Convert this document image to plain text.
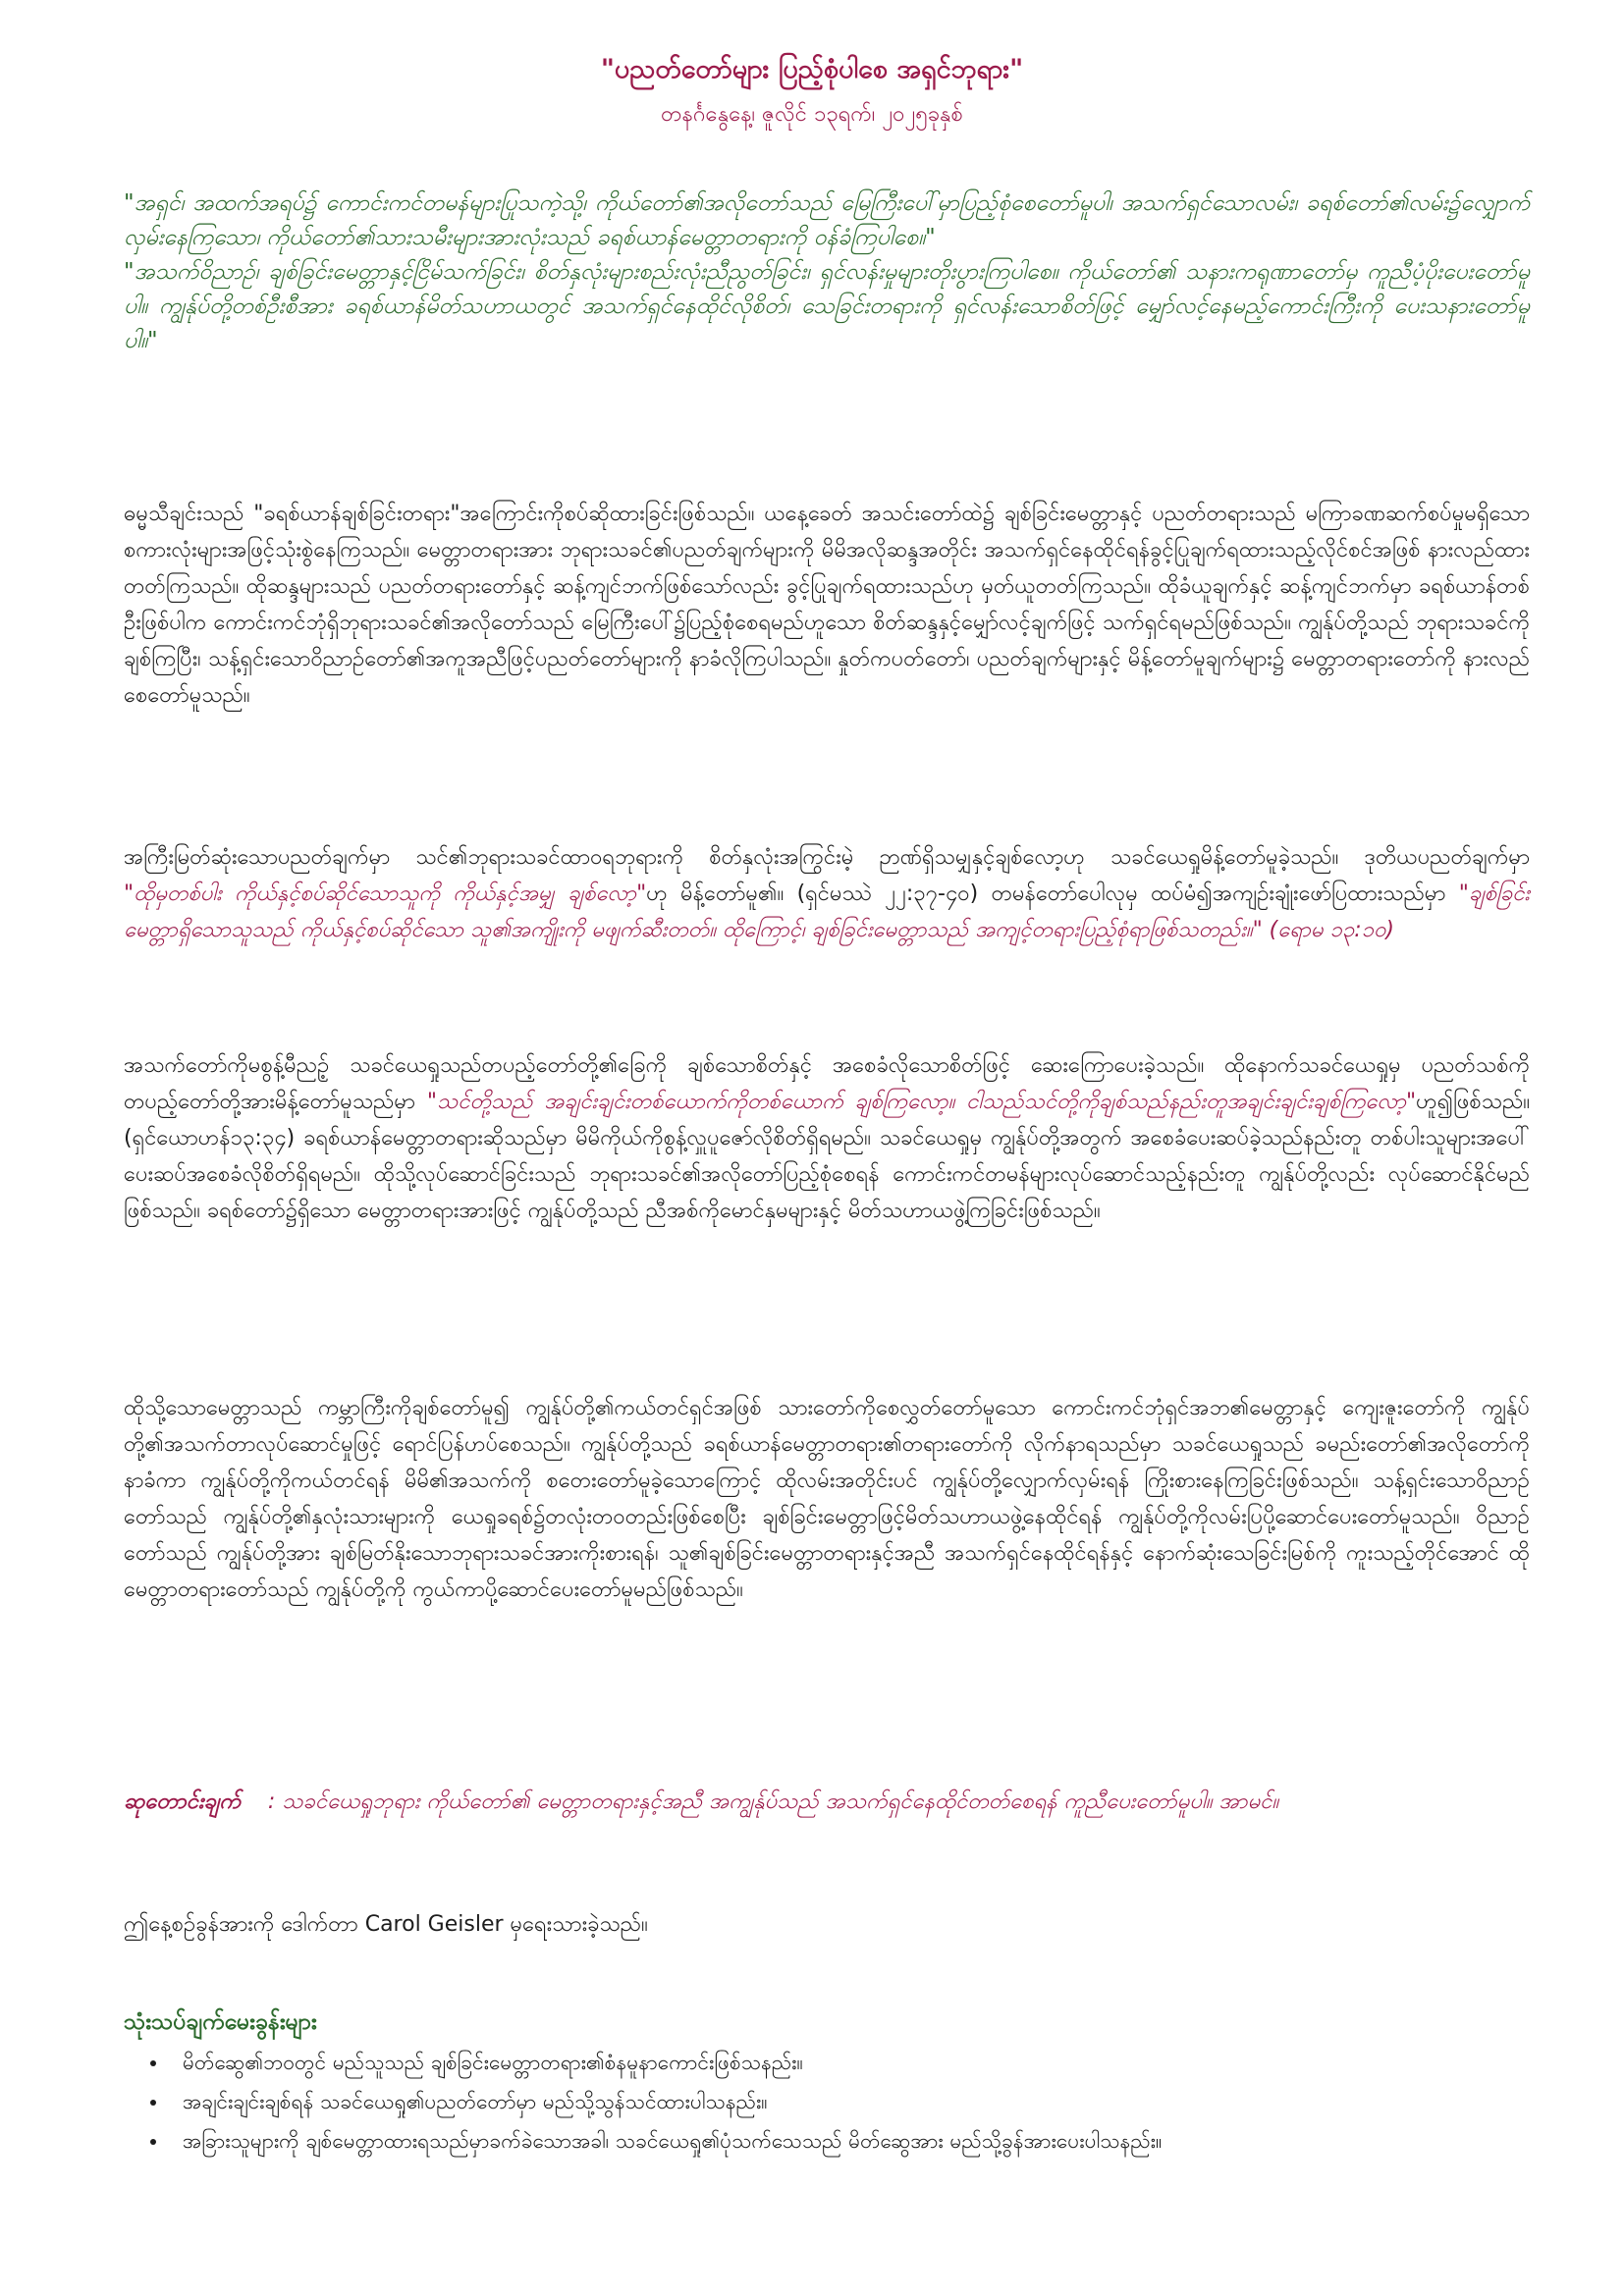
"ပညတ်တော်များ ပြည့်စုံပါစေ အရှင်ဘုရား"
တနင်္ဂနွေနေ့၊ ဇူလိုင် ၁၃ရက်၊ ၂၀၂၅ခုနှစ်

"အရှင်၊ အထက်အရပ်၌ ကောင်းကင်တမန်များပြုသကဲ့သို့၊ ကိုယ်တော်၏အလိုတော်သည် မြေကြီးပေါ်မှာပြည့်စုံစေတော်မူပါ၊ အသက်ရှင်သောလမ်း၊ ခရစ်တော်၏လမ်း၌လျှောက်လှမ်းနေကြသော၊ ကိုယ်တော်၏သားသမီးများအားလုံးသည် ခရစ်ယာန်မေတ္တာတရားကို ဝန်ခံကြပါစေ။"

"အသက်ဝိညာဉ်၊ ချစ်ခြင်းမေတ္တာနှင့်ငြိမ်သက်ခြင်း၊ စိတ်နှလုံးများစည်းလုံးညီညွတ်ခြင်း၊ ရှင်လန်းမှုများတိုးပွားကြပါစေ။ ကိုယ်တော်၏ သနားကရုဏာတော်မှ ကူညီပံ့ပိုးပေးတော်မူပါ။ ကျွန်ုပ်တို့တစ်ဦးစီအား ခရစ်ယာန်မိတ်သဟာယတွင် အသက်ရှင်နေထိုင်လိုစိတ်၊ သေခြင်းတရားကို ရှင်လန်းသောစိတ်ဖြင့် မျှော်လင့်နေမည့်ကောင်းကြီးကို ပေးသနားတော်မူပါ။"

ဓမ္မသီချင်းသည် "ခရစ်ယာန်ချစ်ခြင်းတရား"အကြောင်းကိုစပ်ဆိုထားခြင်းဖြစ်သည်။ ယနေ့ခေတ် အသင်းတော်ထဲ၌ ချစ်ခြင်းမေတ္တာနှင့် ပညတ်တရားသည် မကြာခဏဆက်စပ်မှုမရှိသောစကားလုံးများအဖြင့်သုံးစွဲနေကြသည်။ မေတ္တာတရားအား ဘုရားသခင်၏ပညတ်ချက်များကို မိမိအလိုဆန္ဒအတိုင်း အသက်ရှင်နေထိုင်ရန်ခွင့်ပြုချက်ရထားသည့်လိုင်စင်အဖြစ် နားလည်ထားတတ်ကြသည်။ ထိုဆန္ဒများသည် ပညတ်တရားတော်နှင့် ဆန့်ကျင်ဘက်ဖြစ်သော်လည်း ခွင့်ပြုချက်ရထားသည်ဟု မှတ်ယူတတ်ကြသည်။ ထိုခံယူချက်နှင့် ဆန့်ကျင်ဘက်မှာ ခရစ်ယာန်တစ်ဦးဖြစ်ပါက ကောင်းကင်ဘုံရှိဘုရားသခင်၏အလိုတော်သည် မြေကြီးပေါ်၌ပြည့်စုံစေရမည်ဟူသော စိတ်ဆန္ဒနှင့်မျှော်လင့်ချက်ဖြင့် သက်ရှင်ရမည်ဖြစ်သည်။ ကျွန်ုပ်တို့သည် ဘုရားသခင်ကိုချစ်ကြပြီး၊ သန့်ရှင်းသောဝိညာဉ်တော်၏အကူအညီဖြင့်ပညတ်တော်များကို နာခံလိုကြပါသည်။ နှုတ်ကပတ်တော်၊ ပညတ်ချက်များနှင့် မိန့်တော်မူချက်များ၌ မေတ္တာတရားတော်ကို နားလည်စေတော်မူသည်။

အကြီးမြတ်ဆုံးသောပညတ်ချက်မှာ သင်၏ဘုရားသခင်ထာဝရဘုရားကို စိတ်နှလုံးအကြွင်းမဲ့ ဉာဏ်ရှိသမျှနှင့်ချစ်လော့ဟု သခင်ယေရှုမိန့်တော်မူခဲ့သည်။ ဒုတိယပညတ်ချက်မှာ "ထိုမှတစ်ပါး ကိုယ်နှင့်စပ်ဆိုင်သောသူကို ကိုယ်နှင့်အမျှ ချစ်လော့"ဟု မိန့်တော်မူ၏။ (ရှင်မဿဲ ၂၂:၃၇-၄၀) တမန်တော်ပေါလုမှ ထပ်မံ၍အကျဉ်းချုံးဖော်ပြထားသည်မှာ "ချစ်ခြင်းမေတ္တာရှိသောသူသည် ကိုယ်နှင့်စပ်ဆိုင်သော သူ၏အကျိုးကို မဖျက်ဆီးတတ်။ ထိုကြောင့်၊ ချစ်ခြင်းမေတ္တာသည် အကျင့်တရားပြည့်စုံရာဖြစ်သတည်း။" (ရောမ ၁၃:၁၀)

အသက်တော်ကိုမစွန့်မီညဉ့် သခင်ယေရှုသည်တပည့်တော်တို့၏ခြေကို ချစ်သောစိတ်နှင့် အစေခံလိုသောစိတ်ဖြင့် ဆေးကြောပေးခဲ့သည်။ ထိုနောက်သခင်ယေရှုမှ ပညတ်သစ်ကို တပည့်တော်တို့အားမိန့်တော်မူသည်မှာ "သင်တို့သည် အချင်းချင်းတစ်ယောက်ကိုတစ်ယောက် ချစ်ကြလော့။ ငါသည်သင်တို့ကိုချစ်သည်နည်းတူအချင်းချင်းချစ်ကြလော့"ဟူ၍ဖြစ်သည်။ (ရှင်ယောဟန်၁၃:၃၄) ခရစ်ယာန်မေတ္တာတရားဆိုသည်မှာ မိမိကိုယ်ကိုစွန့်လှူပူဇော်လိုစိတ်ရှိရမည်။ သခင်ယေရှုမှ ကျွန်ုပ်တို့အတွက် အစေခံပေးဆပ်ခဲ့သည်နည်းတူ တစ်ပါးသူများအပေါ် ပေးဆပ်အစေခံလိုစိတ်ရှိရမည်။ ထိုသို့လုပ်ဆောင်ခြင်းသည် ဘုရားသခင်၏အလိုတော်ပြည့်စုံစေရန် ကောင်းကင်တမန်များလုပ်ဆောင်သည့်နည်းတူ ကျွန်ုပ်တို့လည်း လုပ်ဆောင်နိုင်မည်ဖြစ်သည်။ ခရစ်တော်၌ရှိသော မေတ္တာတရားအားဖြင့် ကျွန်ုပ်တို့သည် ညီအစ်ကိုမောင်နှမများနှင့် မိတ်သဟာယဖွဲ့ကြခြင်းဖြစ်သည်။

ထိုသို့သောမေတ္တာသည် ကမ္ဘာကြီးကိုချစ်တော်မူ၍ ကျွန်ုပ်တို့၏ကယ်တင်ရှင်အဖြစ် သားတော်ကိုစေလွှတ်တော်မူသော ကောင်းကင်ဘုံရှင်အဘ၏မေတ္တာနှင့် ကျေးဇူးတော်ကို ကျွန်ုပ်တို့၏အသက်တာလုပ်ဆောင်မှုဖြင့် ရောင်ပြန်ဟပ်စေသည်။ ကျွန်ုပ်တို့သည် ခရစ်ယာန်မေတ္တာတရား၏တရားတော်ကို လိုက်နာရသည်မှာ သခင်ယေရှုသည် ခမည်းတော်၏အလိုတော်ကို နာခံကာ ကျွန်ုပ်တို့ကိုကယ်တင်ရန် မိမိ၏အသက်ကို စတေးတော်မူခဲ့သောကြောင့် ထိုလမ်းအတိုင်းပင် ကျွန်ုပ်တို့လျှောက်လှမ်းရန် ကြိုးစားနေကြခြင်းဖြစ်သည်။ သန့်ရှင်းသောဝိညာဉ်တော်သည် ကျွန်ုပ်တို့၏နှလုံးသားများကို ယေရှုခရစ်၌တလုံးတဝတည်းဖြစ်စေပြီး ချစ်ခြင်းမေတ္တာဖြင့်မိတ်သဟာယဖွဲ့နေထိုင်ရန် ကျွန်ုပ်တို့ကိုလမ်းပြပို့ဆောင်ပေးတော်မူသည်။ ဝိညာဉ်တော်သည် ကျွန်ုပ်တို့အား ချစ်မြတ်နိုးသောဘုရားသခင်အားကိုးစားရန်၊ သူ၏ချစ်ခြင်းမေတ္တာတရားနှင့်အညီ အသက်ရှင်နေထိုင်ရန်နှင့် နောက်ဆုံးသေခြင်းမြစ်ကို ကူးသည့်တိုင်အောင် ထိုမေတ္တာတရားတော်သည် ကျွန်ုပ်တို့ကို ကွယ်ကာပို့ဆောင်ပေးတော်မူမည်ဖြစ်သည်။

ဆုတောင်းချက် : သခင်ယေရှုဘုရား ကိုယ်တော်၏ မေတ္တာတရားနှင့်အညီ အကျွန်ုပ်သည် အသက်ရှင်နေထိုင်တတ်စေရန် ကူညီပေးတော်မူပါ။ အာမင်။

ဤနေ့စဉ်ခွန်အားကို ဒေါက်တာ Carol Geisler မှရေးသားခဲ့သည်။

သုံးသပ်ချက်မေးခွန်းများ

• မိတ်ဆွေ၏ဘဝတွင် မည်သူသည် ချစ်ခြင်းမေတ္တာတရား၏စံနမူနာကောင်းဖြစ်သနည်း။
• အချင်းချင်းချစ်ရန် သခင်ယေရှု၏ပညတ်တော်မှာ မည်သို့သွန်သင်ထားပါသနည်း။
• အခြားသူများကို ချစ်မေတ္တာထားရသည်မှာခက်ခဲသောအခါ၊ သခင်ယေရှု၏ပုံသက်သေသည် မိတ်ဆွေအား မည်သို့ခွန်အားပေးပါသနည်း။
